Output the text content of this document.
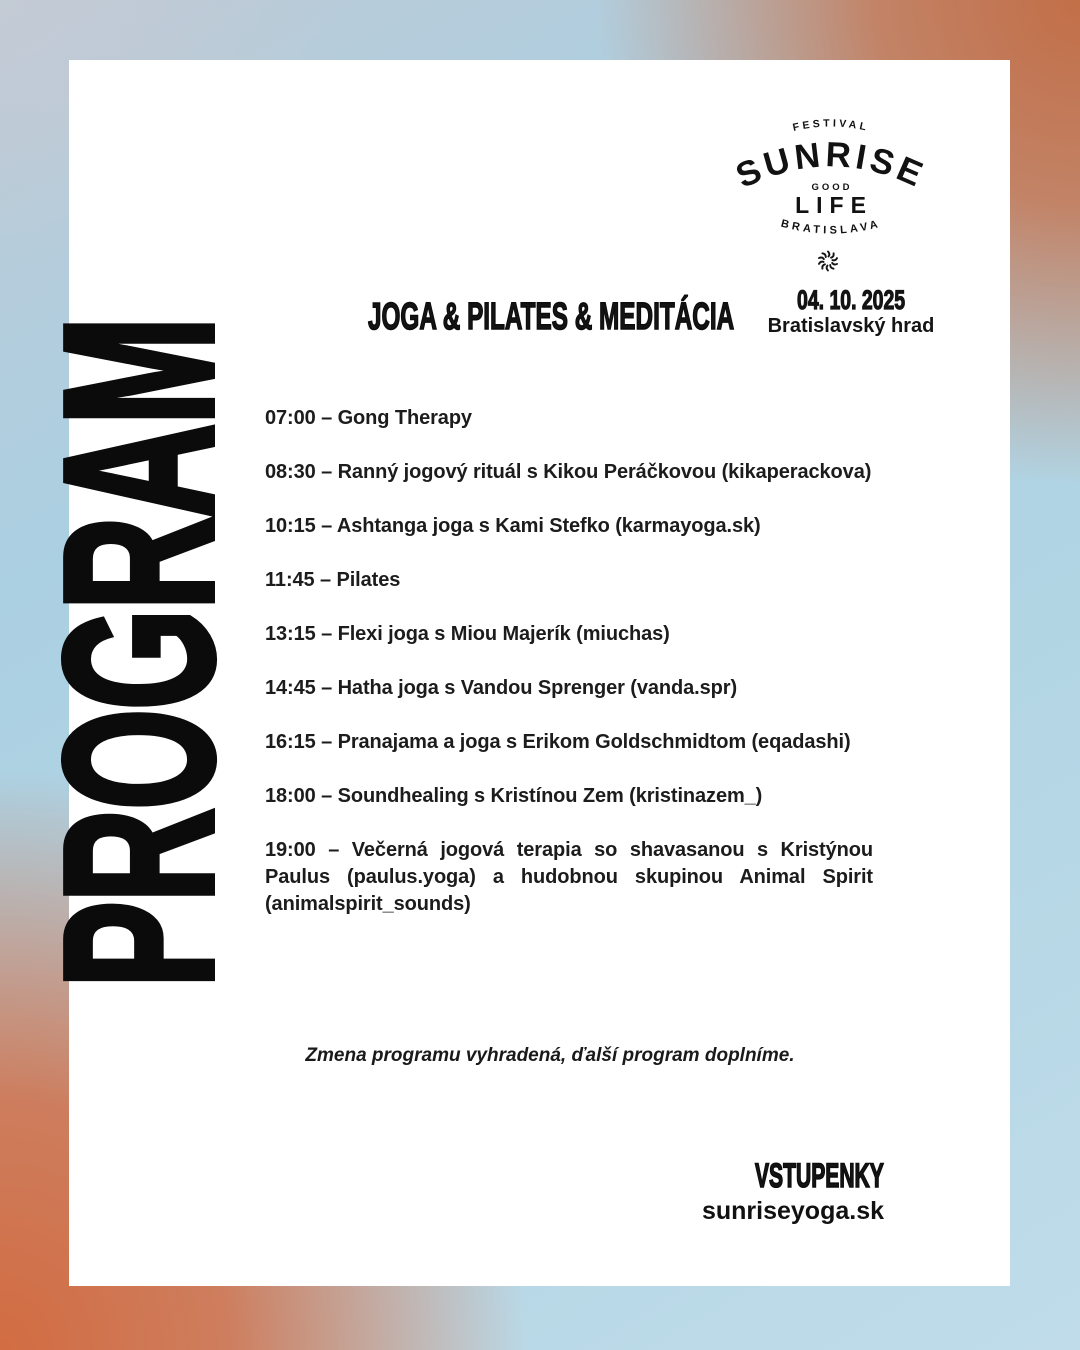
FESTIVAL
SUNRISE
GOOD
LIFE
BRATISLAVA
04. 10. 2025
Bratislavský hrad
JOGA & PILATES & MEDITÁCIA
PROGRAM 07:00 – Gong Therapy

08:30 – Ranný jogový rituál s Kikou Peráčkovou (kikaperackova)

10:15 – Ashtanga joga s Kami Stefko (karmayoga.sk)

11:45 – Pilates

13:15 – Flexi joga s Miou Majerík (miuchas)

14:45 – Hatha joga s Vandou Sprenger (vanda.spr)

16:15 – Pranajama a joga s Erikom Goldschmidtom (eqadashi)

18:00 – Soundhealing s Kristínou Zem (kristinazem_)

19:00 – Večerná jogová terapia so shavasanou s Kristýnou Paulus (paulus.yoga) a hudobnou skupinou Animal Spirit (animalspirit_sounds)

Zmena programu vyhradená, ďalší program doplníme.

VSTUPENKY
sunriseyoga.sk
